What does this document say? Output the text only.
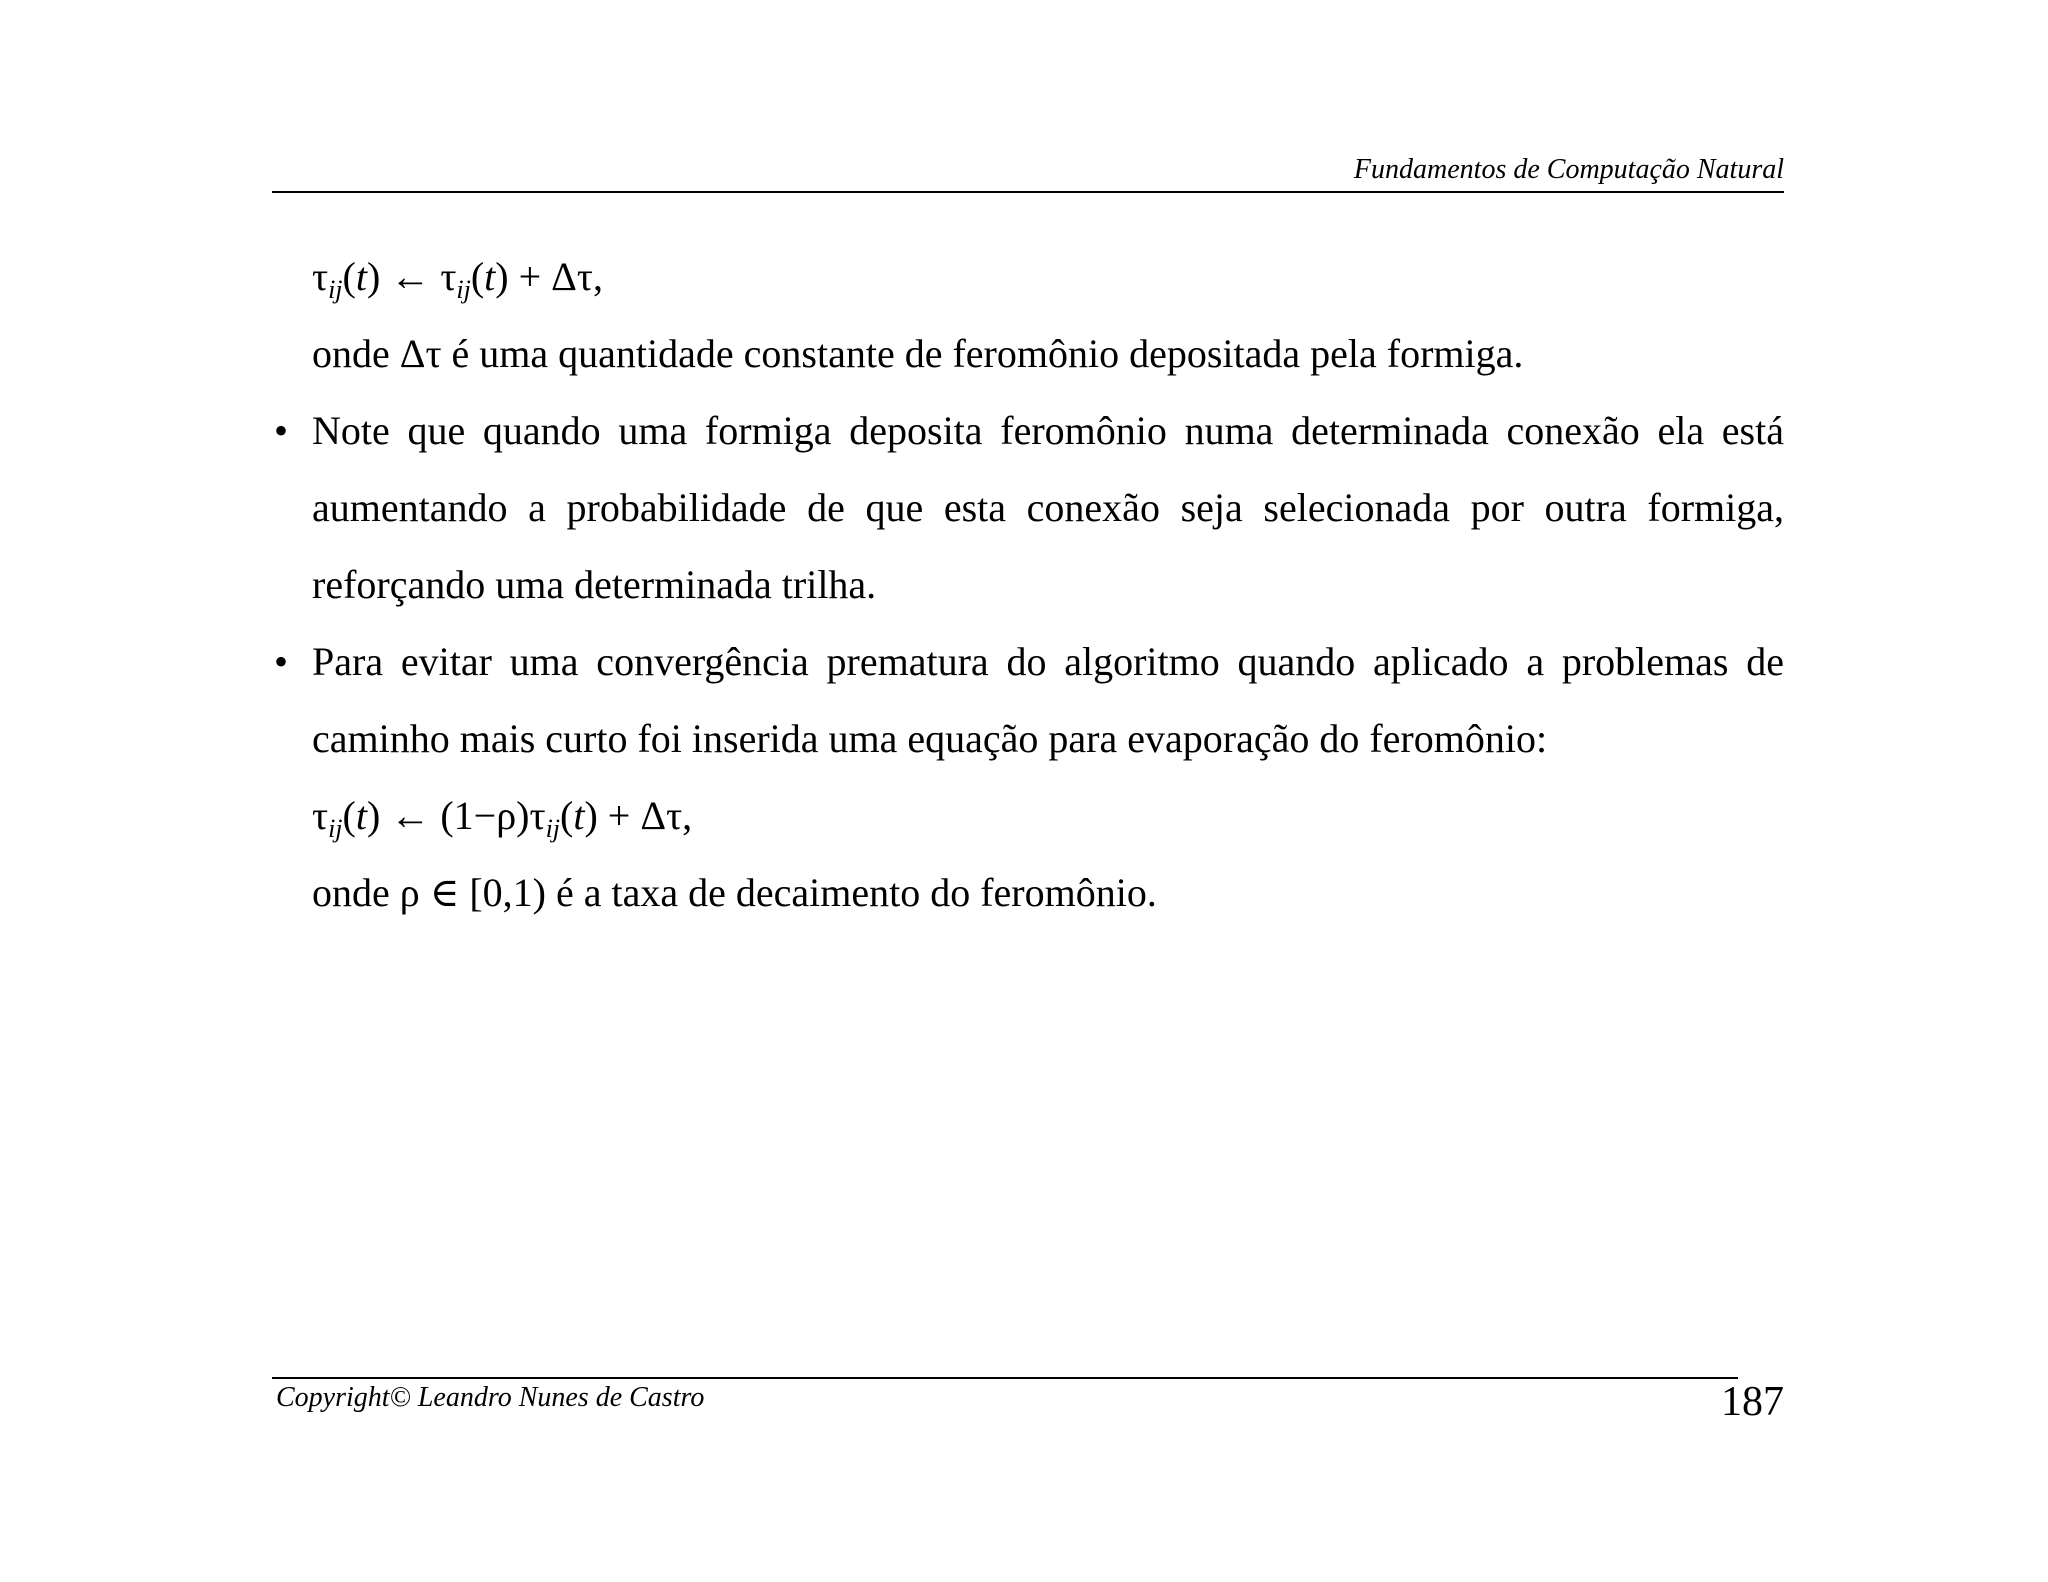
Fundamentos de Computação Natural
$\tau_{ij}(t)$ ← $\tau_{ij}(t) + \Delta\tau$,
onde Δτ é uma quantidade constante de feromônio depositada pela formiga.
• Note que quando uma formiga deposita feromônio numa determinada conexão ela está aumentando a probabilidade de que esta conexão seja selecionada por outra formiga, reforçando uma determinada trilha.
• Para evitar uma convergência prematura do algoritmo quando aplicado a problemas de caminho mais curto foi inserida uma equação para evaporação do feromônio:
$\tau_{ij}(t)$ ← $(1-\rho)\tau_{ij}(t) + \Delta\tau$,
onde ρ ∈ [0,1) é a taxa de decaimento do feromônio.
Copyright© Leandro Nunes de Castro	187
